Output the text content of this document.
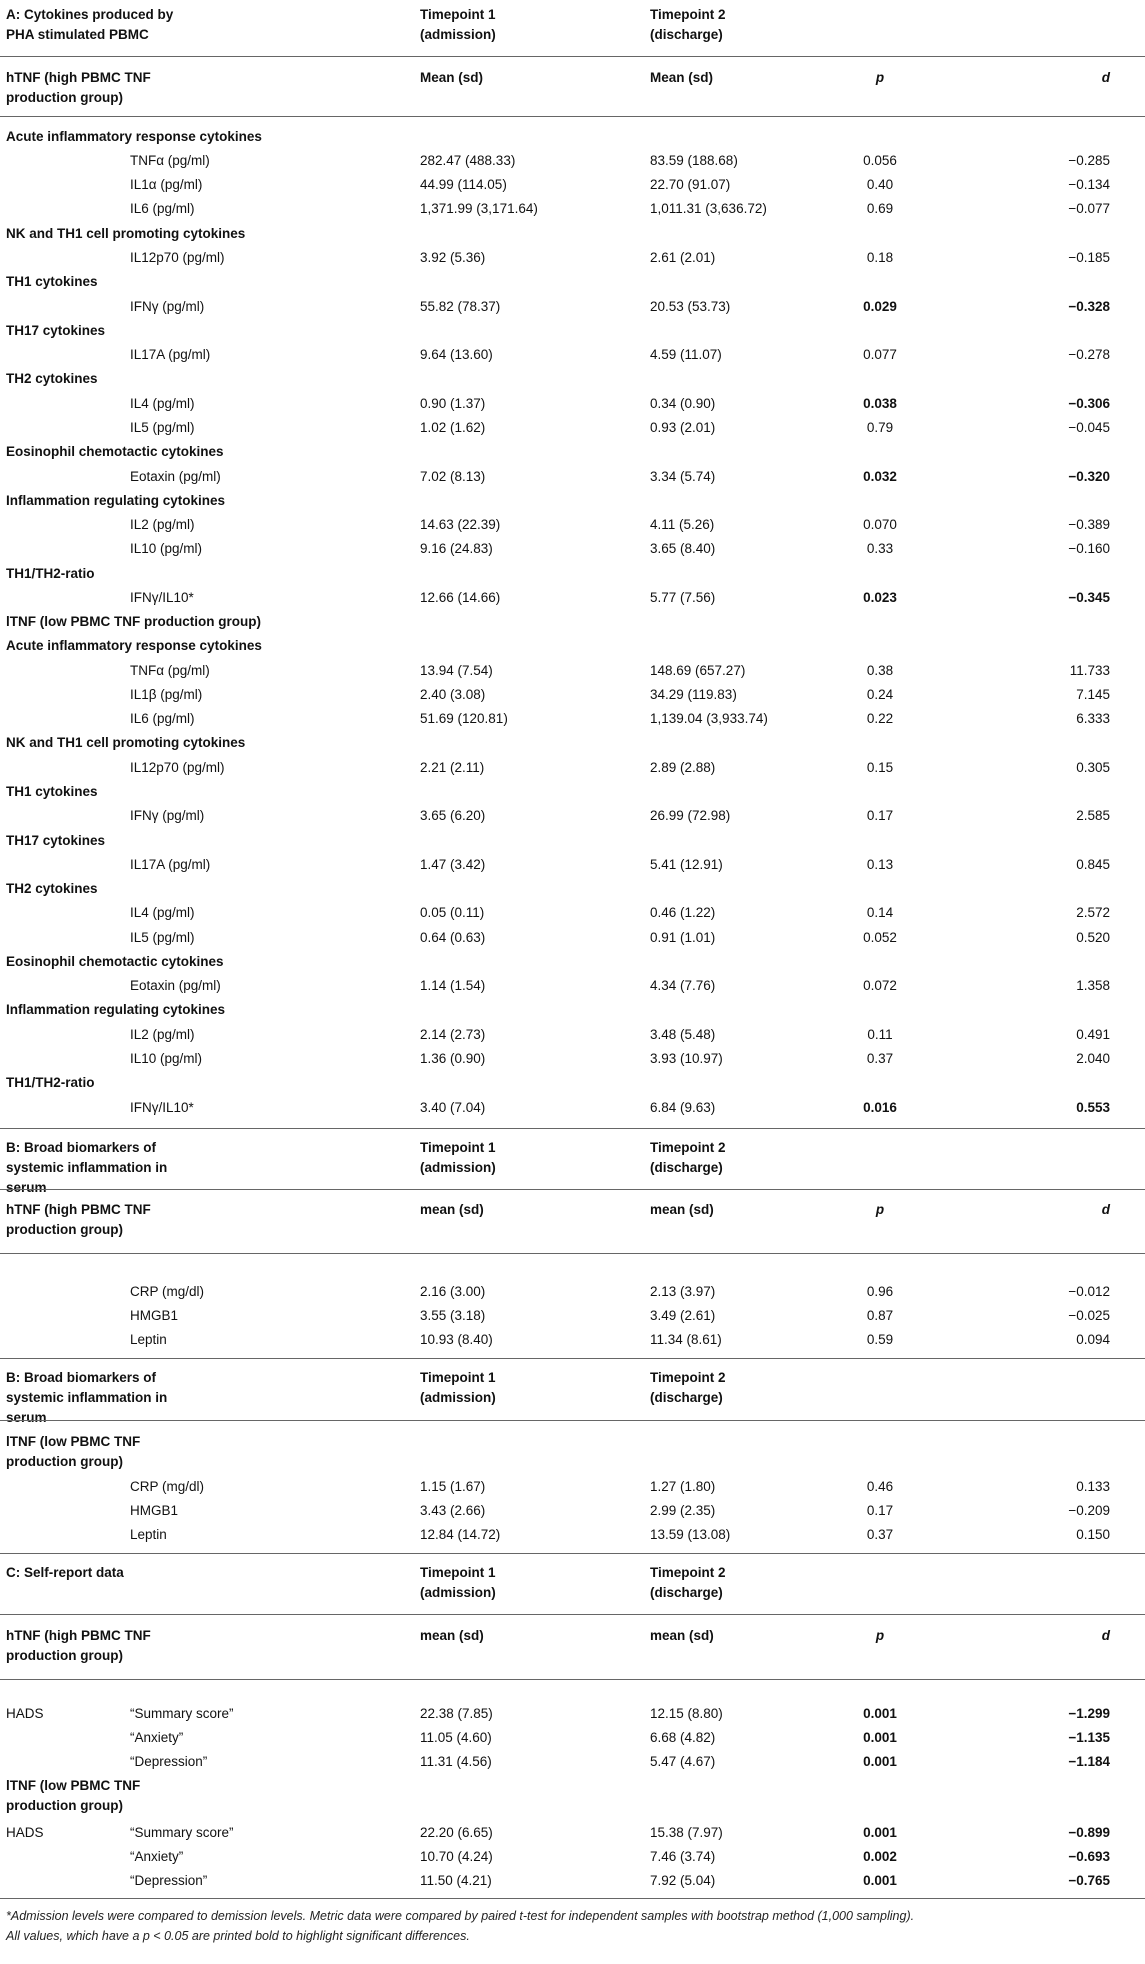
A: Cytokines produced by PHA stimulated PBMC
Timepoint 1 (admission)
Timepoint 2 (discharge)
hTNF (high PBMC TNF production group)
Mean (sd)	Mean (sd)	p	d
Acute inflammatory response cytokines
TNFα (pg/ml)	282.47 (488.33)	83.59 (188.68)	0.056	−0.285
IL1α (pg/ml)	44.99 (114.05)	22.70 (91.07)	0.40	−0.134
IL6 (pg/ml)	1,371.99 (3,171.64)	1,011.31 (3,636.72)	0.69	−0.077
NK and TH1 cell promoting cytokines
IL12p70 (pg/ml)	3.92 (5.36)	2.61 (2.01)	0.18	−0.185
TH1 cytokines
IFNγ (pg/ml)	55.82 (78.37)	20.53 (53.73)	0.029	−0.328
TH17 cytokines
IL17A (pg/ml)	9.64 (13.60)	4.59 (11.07)	0.077	−0.278
TH2 cytokines
IL4 (pg/ml)	0.90 (1.37)	0.34 (0.90)	0.038	−0.306
IL5 (pg/ml)	1.02 (1.62)	0.93 (2.01)	0.79	−0.045
Eosinophil chemotactic cytokines
Eotaxin (pg/ml)	7.02 (8.13)	3.34 (5.74)	0.032	−0.320
Inflammation regulating cytokines
IL2 (pg/ml)	14.63 (22.39)	4.11 (5.26)	0.070	−0.389
IL10 (pg/ml)	9.16 (24.83)	3.65 (8.40)	0.33	−0.160
TH1/TH2-ratio
IFNγ/IL10*	12.66 (14.66)	5.77 (7.56)	0.023	−0.345
lTNF (low PBMC TNF production group)
Acute inflammatory response cytokines
TNFα (pg/ml)	13.94 (7.54)	148.69 (657.27)	0.38	11.733
IL1β (pg/ml)	2.40 (3.08)	34.29 (119.83)	0.24	7.145
IL6 (pg/ml)	51.69 (120.81)	1,139.04 (3,933.74)	0.22	6.333
NK and TH1 cell promoting cytokines
IL12p70 (pg/ml)	2.21 (2.11)	2.89 (2.88)	0.15	0.305
TH1 cytokines
IFNγ (pg/ml)	3.65 (6.20)	26.99 (72.98)	0.17	2.585
TH17 cytokines
IL17A (pg/ml)	1.47 (3.42)	5.41 (12.91)	0.13	0.845
TH2 cytokines
IL4 (pg/ml)	0.05 (0.11)	0.46 (1.22)	0.14	2.572
IL5 (pg/ml)	0.64 (0.63)	0.91 (1.01)	0.052	0.520
Eosinophil chemotactic cytokines
Eotaxin (pg/ml)	1.14 (1.54)	4.34 (7.76)	0.072	1.358
Inflammation regulating cytokines
IL2 (pg/ml)	2.14 (2.73)	3.48 (5.48)	0.11	0.491
IL10 (pg/ml)	1.36 (0.90)	3.93 (10.97)	0.37	2.040
TH1/TH2-ratio
IFNγ/IL10*	3.40 (7.04)	6.84 (9.63)	0.016	0.553
B: Broad biomarkers of systemic inflammation in serum
Timepoint 1 (admission)
Timepoint 2 (discharge)
hTNF (high PBMC TNF production group)
mean (sd)	mean (sd)	p	d
CRP (mg/dl)	2.16 (3.00)	2.13 (3.97)	0.96	−0.012
HMGB1	3.55 (3.18)	3.49 (2.61)	0.87	−0.025
Leptin	10.93 (8.40)	11.34 (8.61)	0.59	0.094
B: Broad biomarkers of systemic inflammation in serum
Timepoint 1 (admission)
Timepoint 2 (discharge)
lTNF (low PBMC TNF production group)
CRP (mg/dl)	1.15 (1.67)	1.27 (1.80)	0.46	0.133
HMGB1	3.43 (2.66)	2.99 (2.35)	0.17	−0.209
Leptin	12.84 (14.72)	13.59 (13.08)	0.37	0.150
C: Self-report data	Timepoint 1 (admission)
Timepoint 2 (discharge)
hTNF (high PBMC TNF production group)
mean (sd)	mean (sd)	p	d
HADS	“Summary score”	22.38 (7.85)	12.15 (8.80)	0.001	−1.299
“Anxiety”	11.05 (4.60)	6.68 (4.82)	0.001	−1.135
“Depression”	11.31 (4.56)	5.47 (4.67)	0.001	−1.184
lTNF (low PBMC TNF production group)
HADS	“Summary score”	22.20 (6.65)	15.38 (7.97)	0.001	−0.899
“Anxiety”	10.70 (4.24)	7.46 (3.74)	0.002	−0.693
“Depression”	11.50 (4.21)	7.92 (5.04)	0.001	−0.765
*Admission levels were compared to demission levels. Metric data were compared by paired t-test for independent samples with bootstrap method (1,000 sampling).
All values, which have a p < 0.05 are printed bold to highlight significant differences.
